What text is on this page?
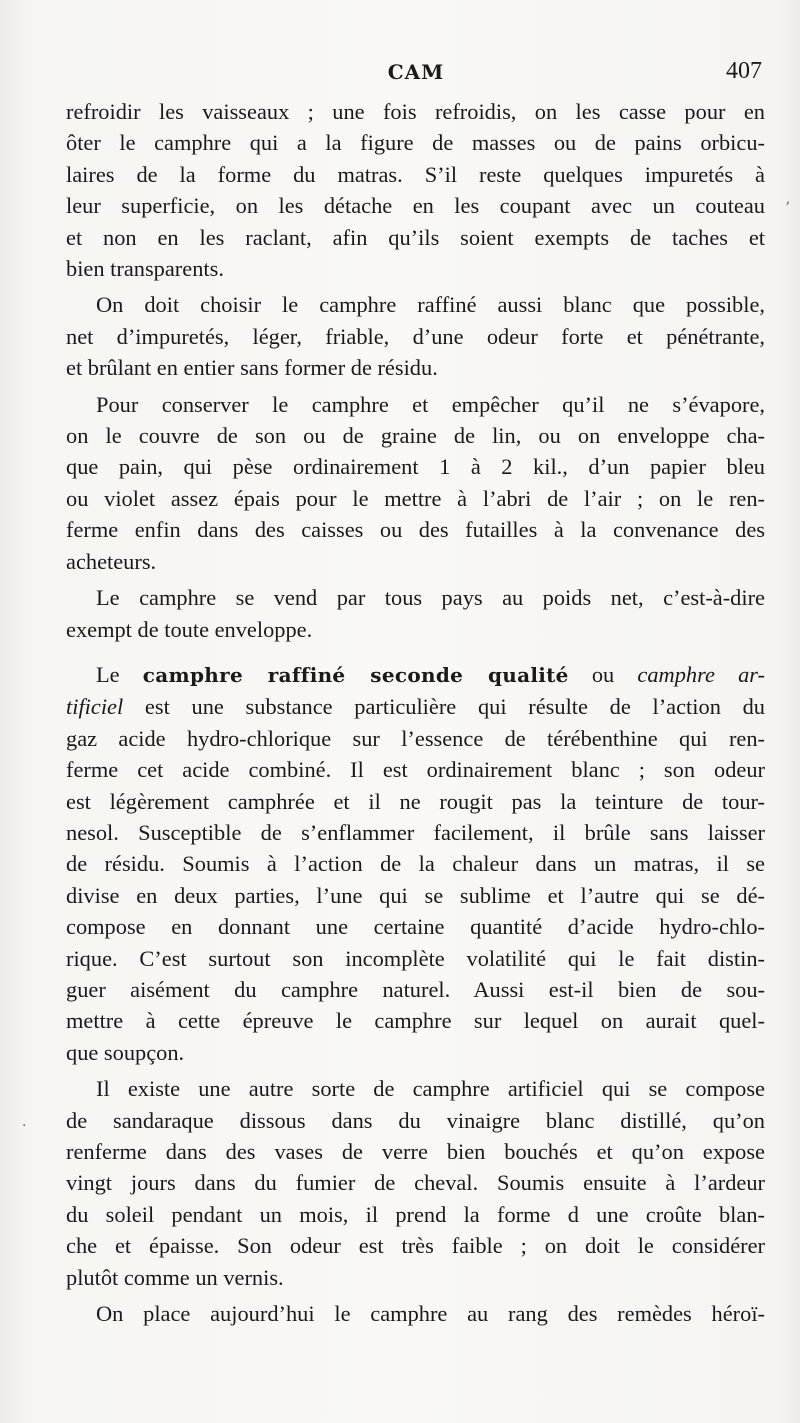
CAM	407
’
·
refroidir les vaisseaux ; une fois refroidis, on les casse pour en
ôter le camphre qui a la figure de masses ou de pains orbicu-
laires de la forme du matras. S’il reste quelques impuretés à
leur superficie, on les détache en les coupant avec un couteau
et non en les raclant, afin qu’ils soient exempts de taches et
bien transparents.
On doit choisir le camphre raffiné aussi blanc que possible,
net d’impuretés, léger, friable, d’une odeur forte et pénétrante,
et brûlant en entier sans former de résidu.
Pour conserver le camphre et empêcher qu’il ne s’évapore,
on le couvre de son ou de graine de lin, ou on enveloppe cha-
que pain, qui pèse ordinairement 1 à 2 kil., d’un papier bleu
ou violet assez épais pour le mettre à l’abri de l’air ; on le ren-
ferme enfin dans des caisses ou des futailles à la convenance des
acheteurs.
Le camphre se vend par tous pays au poids net, c’est-à-dire
exempt de toute enveloppe.
Le camphre raffiné seconde qualité ou camphre ar-
tificiel est une substance particulière qui résulte de l’action du
gaz acide hydro-chlorique sur l’essence de térébenthine qui ren-
ferme cet acide combiné. Il est ordinairement blanc ; son odeur
est légèrement camphrée et il ne rougit pas la teinture de tour-
nesol. Susceptible de s’enflammer facilement, il brûle sans laisser
de résidu. Soumis à l’action de la chaleur dans un matras, il se
divise en deux parties, l’une qui se sublime et l’autre qui se dé-
compose en donnant une certaine quantité d’acide hydro-chlo-
rique. C’est surtout son incomplète volatilité qui le fait distin-
guer aisément du camphre naturel. Aussi est-il bien de sou-
mettre à cette épreuve le camphre sur lequel on aurait quel-
que soupçon.
Il existe une autre sorte de camphre artificiel qui se compose
de sandaraque dissous dans du vinaigre blanc distillé, qu’on
renferme dans des vases de verre bien bouchés et qu’on expose
vingt jours dans du fumier de cheval. Soumis ensuite à l’ardeur
du soleil pendant un mois, il prend la forme d une croûte blan-
che et épaisse. Son odeur est très faible ; on doit le considérer
plutôt comme un vernis.
On place aujourd’hui le camphre au rang des remèdes héroï-
